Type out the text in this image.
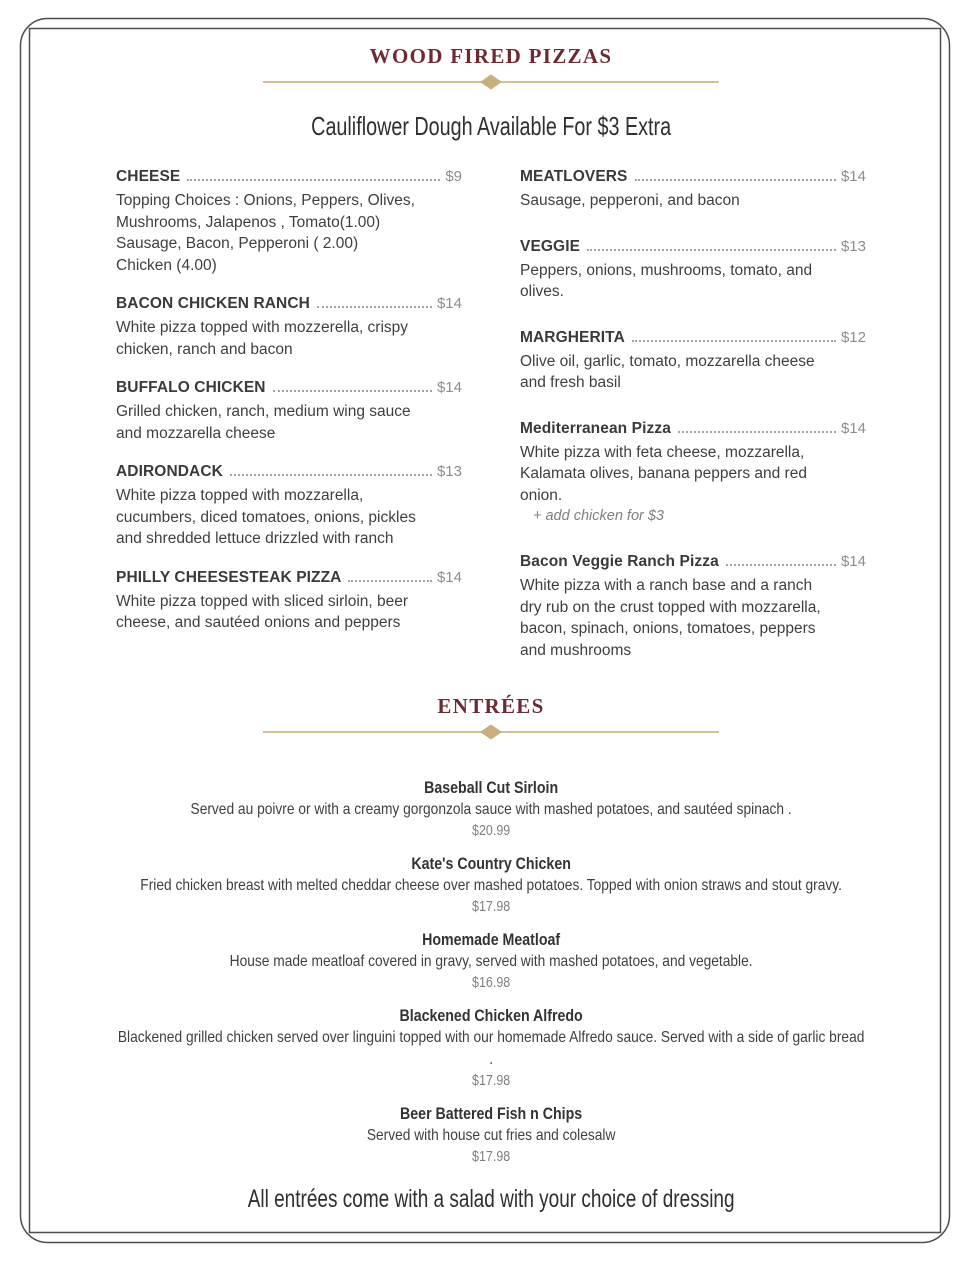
WOOD FIRED PIZZAS

Cauliflower Dough Available For $3 Extra

CHEESE	$9

Topping Choices : Onions, Peppers, Olives, Mushrooms, Jalapenos , Tomato(1.00) Sausage, Bacon, Pepperoni ( 2.00) Chicken (4.00)

BACON CHICKEN RANCH	$14

White pizza topped with mozzerella, crispy chicken, ranch and bacon

BUFFALO CHICKEN	$14

Grilled chicken, ranch, medium wing sauce and mozzarella cheese

ADIRONDACK	$13

White pizza topped with mozzarella, cucumbers, diced tomatoes, onions, pickles and shredded lettuce drizzled with ranch

PHILLY CHEESESTEAK PIZZA	$14

White pizza topped with sliced sirloin, beer cheese, and sautéed onions and peppers

MEATLOVERS	$14

Sausage, pepperoni, and bacon

VEGGIE	$13

Peppers, onions, mushrooms, tomato, and olives.

MARGHERITA	$12

Olive oil, garlic, tomato, mozzarella cheese and fresh basil

Mediterranean Pizza	$14

White pizza with feta cheese, mozzarella, Kalamata olives, banana peppers and red onion.

+ add chicken for $3

Bacon Veggie Ranch Pizza	$14

White pizza with a ranch base and a ranch dry rub on the crust topped with mozzarella, bacon, spinach, onions, tomatoes, peppers and mushrooms

ENTRÉES
Baseball Cut Sirloin

Served au poivre or with a creamy gorgonzola sauce with mashed potatoes, and sautéed spinach .

$20.99
Kate's Country Chicken

Fried chicken breast with melted cheddar cheese over mashed potatoes. Topped with onion straws and stout gravy.

$17.98
Homemade Meatloaf

House made meatloaf covered in gravy, served with mashed potatoes, and vegetable.

$16.98
Blackened Chicken Alfredo

Blackened grilled chicken served over linguini topped with our homemade Alfredo sauce. Served with a side of garlic bread .

$17.98
Beer Battered Fish n Chips

Served with house cut fries and colesalw

$17.98

All entrées come with a salad with your choice of dressing
